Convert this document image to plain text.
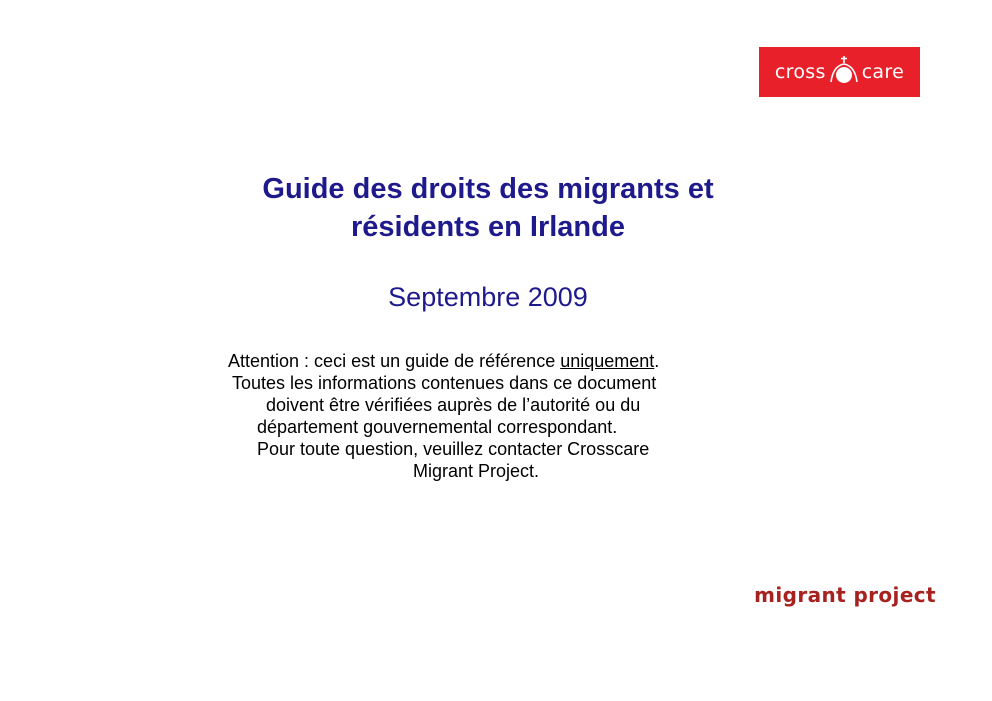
cross care
Guide des droits des migrants et
résidents en Irlande
Septembre 2009
Attention : ceci est un guide de référence uniquement.
Toutes les informations contenues dans ce document
doivent être vérifiées auprès de l’autorité ou du
département gouvernemental correspondant.
Pour toute question, veuillez contacter Crosscare
Migrant Project.
migrant project
